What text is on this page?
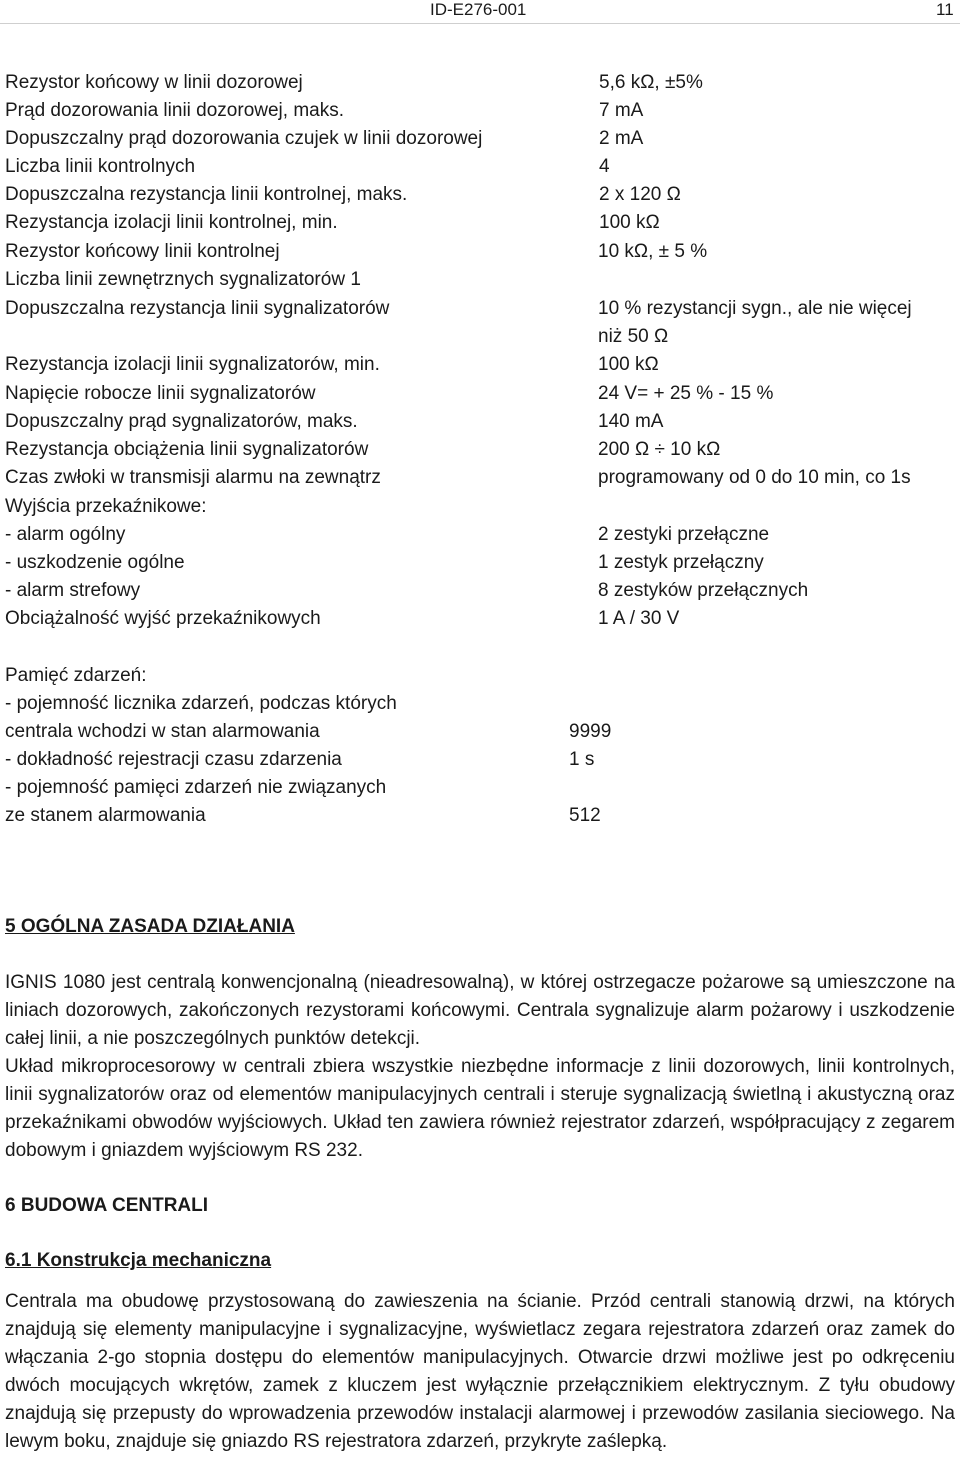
ID-E276-001	11
Rezystor końcowy w linii dozorowej	5,6 kΩ, ±5%
Prąd dozorowania linii dozorowej, maks.	7 mA
Dopuszczalny prąd dozorowania czujek w linii dozorowej	2 mA
Liczba linii kontrolnych	4
Dopuszczalna rezystancja linii kontrolnej, maks.	2 x 120 Ω
Rezystancja izolacji linii kontrolnej, min.	100 kΩ
Rezystor końcowy linii kontrolnej	10 kΩ, ± 5 %
Liczba linii zewnętrznych sygnalizatorów 1
Dopuszczalna rezystancja linii sygnalizatorów	10 % rezystancji sygn., ale nie więcej
niż 50 Ω
Rezystancja izolacji linii sygnalizatorów, min.	100 kΩ
Napięcie robocze linii sygnalizatorów	24 V= + 25 % - 15 %
Dopuszczalny prąd sygnalizatorów, maks.	140 mA
Rezystancja obciążenia linii sygnalizatorów	200 Ω ÷ 10 kΩ
Czas zwłoki w transmisji alarmu na zewnątrz	programowany od 0 do 10 min, co 1s
Wyjścia przekaźnikowe:
- alarm ogólny	2 zestyki przełączne
- uszkodzenie ogólne	1 zestyk przełączny
- alarm strefowy	8 zestyków przełącznych
Obciążalność wyjść przekaźnikowych	1 A / 30 V
Pamięć zdarzeń:
- pojemność licznika zdarzeń, podczas których
centrala wchodzi w stan alarmowania	9999
- dokładność rejestracji czasu zdarzenia	1 s
- pojemność pamięci zdarzeń nie związanych
ze stanem alarmowania	512
5 OGÓLNA ZASADA DZIAŁANIA

IGNIS 1080 jest centralą konwencjonalną (nieadresowalną), w której ostrzegacze pożarowe są umieszczone na liniach dozorowych, zakończonych rezystorami końcowymi. Centrala sygnalizuje alarm pożarowy i uszkodzenie całej linii, a nie poszczególnych punktów detekcji.

Układ mikroprocesorowy w centrali zbiera wszystkie niezbędne informacje z linii dozorowych, linii kontrolnych, linii sygnalizatorów oraz od elementów manipulacyjnych centrali i steruje sygnalizacją świetlną i akustyczną oraz przekaźnikami obwodów wyjściowych. Układ ten zawiera również rejestrator zdarzeń, współpracujący z zegarem dobowym i gniazdem wyjściowym RS 232.

6 BUDOWA CENTRALI
6.1 Konstrukcja mechaniczna

Centrala ma obudowę przystosowaną do zawieszenia na ścianie. Przód centrali stanowią drzwi, na których znajdują się elementy manipulacyjne i sygnalizacyjne, wyświetlacz zegara rejestratora zdarzeń oraz zamek do włączania 2-go stopnia dostępu do elementów manipulacyjnych. Otwarcie drzwi możliwe jest po odkręceniu dwóch mocujących wkrętów, zamek z kluczem jest wyłącznie przełącznikiem elektrycznym. Z tyłu obudowy znajdują się przepusty do wprowadzenia przewodów instalacji alarmowej i przewodów zasilania sieciowego. Na lewym boku, znajduje się gniazdo RS rejestratora zdarzeń, przykryte zaślepką.
